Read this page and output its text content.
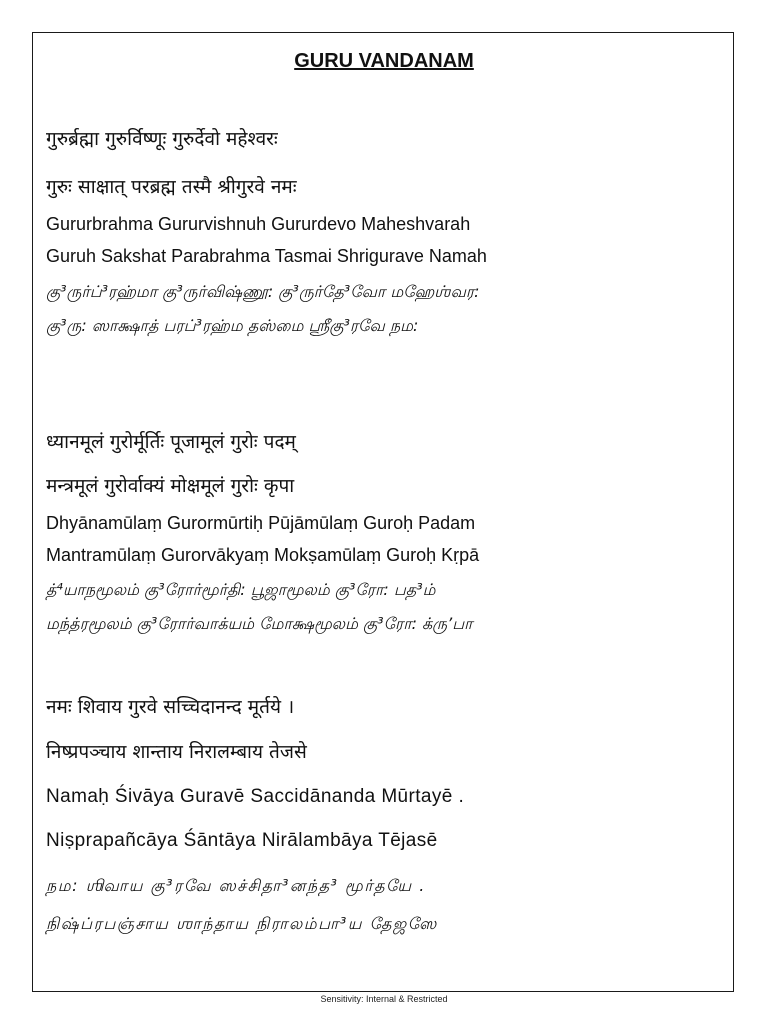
GURU VANDANAM
गुरुर्ब्रह्मा गुरुर्विष्णूः गुरुर्देवो महेश्वरः
गुरुः साक्षात् परब्रह्म तस्मै श्रीगुरवे नमः
Gururbrahma Gururvishnuh Gururdevo Maheshvarah
Guruh Sakshat Parabrahma Tasmai Shrigurave Namah
கு³ருர்ப்³ரஹ்மா கு³ருர்விஷ்ணூ: கு³ருர்தே³வோ மஹேஶ்வர:
கு³ரு: ஸாக்ஷாத் பரப்³ரஹ்ம தஸ்மை ஶ்ரீகு³ரவே நம:
ध्यानमूलं गुरोर्मूर्तिः पूजामूलं गुरोः पदम्
मन्त्रमूलं गुरोर्वाक्यं मोक्षमूलं गुरोः कृपा
Dhyānamūlaṃ Gurormūrtiḥ Pūjāmūlaṃ Guroḥ Padam
Mantramūlaṃ Gurorvākyaṃ Mokṣamūlaṃ Guroḥ Kṛpā
த்⁴யாநமூலம் கு³ரோர்மூர்தி: பூஜாமூலம் கு³ரோ: பத³ம்
மந்த்ரமூலம் கு³ரோர்வாக்யம் மோக்ஷமூலம் கு³ரோ: க்ரு’பா
नमः शिवाय गुरवे सच्चिदानन्द मूर्तये ।
निष्प्रपञ्चाय शान्ताय निरालम्बाय तेजसे
Namaḥ Śivāya Guravē Saccidānanda Mūrtayē .
Niṣprapañcāya Śāntāya Nirālambāya Tējasē
நம: ஶிவாய கு³ரவே ஸச்சிதா³னந்த³ மூர்தயே .
நிஷ்ப்ரபஞ்சாய ஶாந்தாய நிராலம்பா³ய தேஜஸே
Sensitivity: Internal & Restricted
